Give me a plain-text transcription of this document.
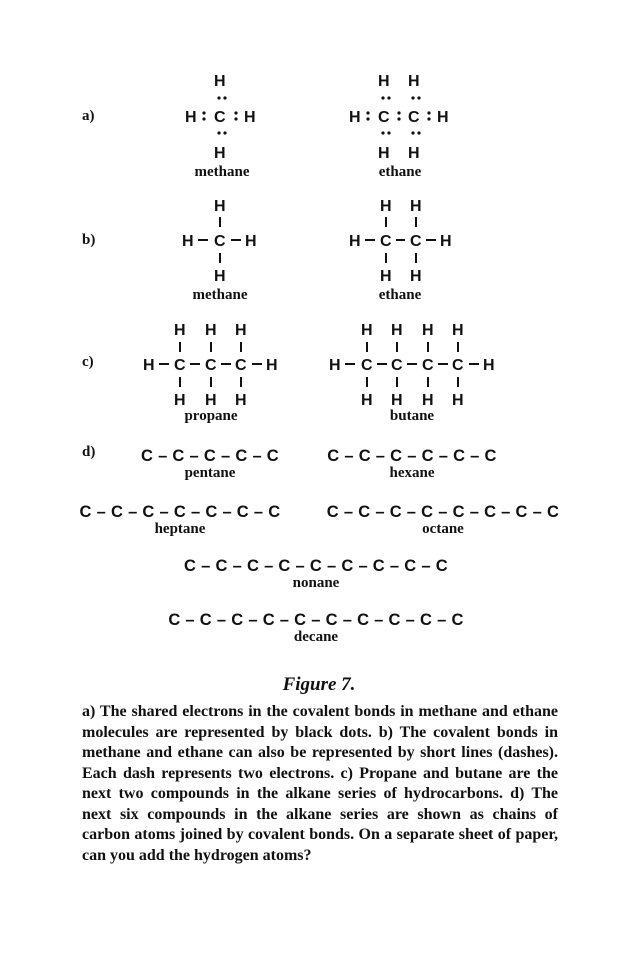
a)
b)
c)
d)
H
H
H C H
H H
H C C H
H H
H
H C H
H
H H
H C C H
H H
H H H
H C C C H
H H H
H H H H
H C C C C H
H H H H
methane	ethane
methane	ethane
propane	butane
C – C – C – C – C
pentane
C – C – C – C – C – C
hexane
C – C – C – C – C – C – C
heptane
C – C – C – C – C – C – C – C
octane
C – C – C – C – C – C – C – C – C
nonane
C – C – C – C – C – C – C – C – C – C
decane
Figure 7.
a) The shared electrons in the covalent bonds in methane and ethane molecules are represented by black dots. b) The covalent bonds in methane and ethane can also be represented by short lines (dashes). Each dash represents two electrons. c) Propane and butane are the next two compounds in the alkane series of hydrocarbons. d) The next six compounds in the alkane series are shown as chains of carbon atoms joined by covalent bonds. On a separate sheet of paper, can you add the hydrogen atoms?
